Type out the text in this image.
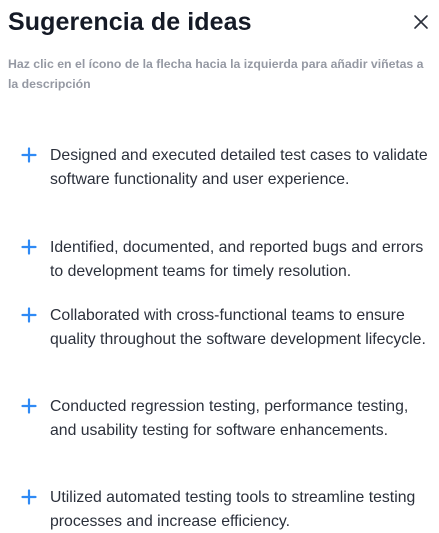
Sugerencia de ideas
Haz clic en el ícono de la flecha hacia la izquierda para añadir viñetas a la descripción
Designed and executed detailed test cases to validate software functionality and user experience.
Identified, documented, and reported bugs and errors to development teams for timely resolution.
Collaborated with cross-functional teams to ensure quality throughout the software development lifecycle.
Conducted regression testing, performance testing, and usability testing for software enhancements.
Utilized automated testing tools to streamline testing processes and increase efficiency.
